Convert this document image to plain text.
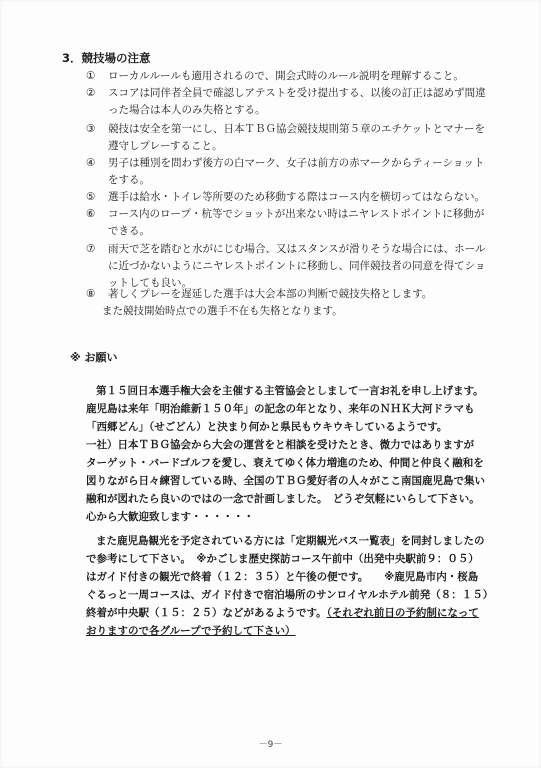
3．競技場の注意
①	ローカルルールも適用されるので、開会式時のルール説明を理解すること。
②	スコアは同伴者全員で確認しアテストを受け提出する、以後の訂正は認めず間違
った場合は本人のみ失格とする。
③	競技は安全を第一にし、日本ＴＢＧ協会競技規則第５章のエチケットとマナーを
遵守しプレーすること。
④	男子は種別を問わず後方の白マーク、女子は前方の赤マークからティーショット
をする。
⑤	選手は給水・トイレ等所要のため移動する際はコース内を横切ってはならない。
⑥	コース内のロープ・杭等でショットが出来ない時はニヤレストポイントに移動が
できる。
⑦	雨天で芝を踏むと水がにじむ場合、又はスタンスが滑りそうな場合には、ホール
に近づかないようにニヤレストポイントに移動し、同伴競技者の同意を得てショ
ットしても良い。
⑧	著しくプレーを遅延した選手は大会本部の判断で競技失格とします。
また競技開始時点での選手不在も失格となります。
※ お願い
第１５回日本選手権大会を主催する主管協会としまして一言お礼を申し上げます。
鹿児島は来年「明治維新１５０年」の記念の年となり、来年のＮＨＫ大河ドラマも
「西郷どん」（せごどん）と決まり何かと県民もウキウキしているようです。
一社）日本ＴＢＧ協会から大会の運営をと相談を受けたとき、微力ではありますが
ターゲット・バードゴルフを愛し、衰えてゆく体力増進のため、仲間と仲良く融和を
図りながら日々練習している時、全国のＴＢＧ愛好者の人々がここ南国鹿児島で集い
融和が図れたら良いのではの一念で計画しました。　どうぞ気軽にいらして下さい。
心から大歓迎致します・・・・・・
また鹿児島観光を予定されている方には「定期観光バス一覧表」を同封しましたの
で参考にして下さい。　※かごしま歴史探訪コース午前中（出発中央駅前９：０５）
はガイド付きの観光で終着（１２：３５）と午後の便です。　　※鹿児島市内・桜島
ぐるっと一周コースは、ガイド付きで宿泊場所のサンロイヤルホテル前発（８：１５）
終着が中央駅（１５：２５）などがあるようです。（それぞれ前日の予約制になって
おりますので各グループで予約して下さい）
－9－
